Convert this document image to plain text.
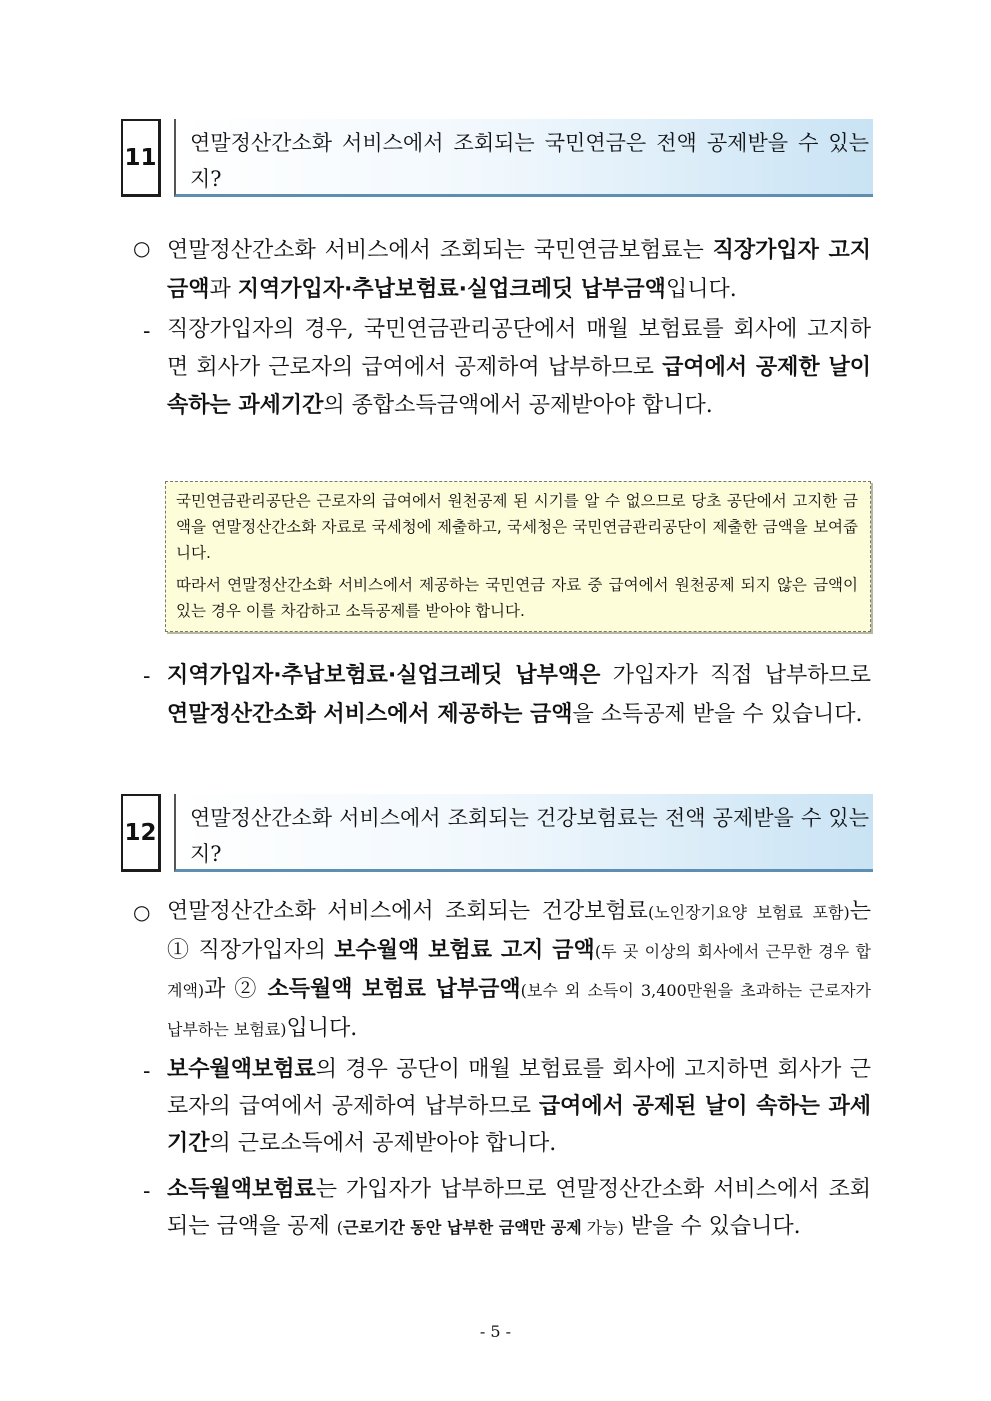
11
연말정산간소화 서비스에서 조회되는 국민연금은 전액 공제받을 수 있는지?
○ 연말정산간소화 서비스에서 조회되는 국민연금보험료는 직장가입자 고지금액과 지역가입자·추납보험료·실업크레딧 납부금액입니다.
- 직장가입자의 경우, 국민연금관리공단에서 매월 보험료를 회사에 고지하면 회사가 근로자의 급여에서 공제하여 납부하므로 급여에서 공제한 날이 속하는 과세기간의 종합소득금액에서 공제받아야 합니다.

국민연금관리공단은 근로자의 급여에서 원천공제 된 시기를 알 수 없으므로 당초 공단에서 고지한 금액을 연말정산간소화 자료로 국세청에 제출하고, 국세청은 국민연금관리공단이 제출한 금액을 보여줍니다.

따라서 연말정산간소화 서비스에서 제공하는 국민연금 자료 중 급여에서 원천공제 되지 않은 금액이 있는 경우 이를 차감하고 소득공제를 받아야 합니다.

- 지역가입자·추납보험료·실업크레딧 납부액은 가입자가 직접 납부하므로 연말정산간소화 서비스에서 제공하는 금액을 소득공제 받을 수 있습니다.
12
연말정산간소화 서비스에서 조회되는 건강보험료는 전액 공제받을 수 있는지?
○ 연말정산간소화 서비스에서 조회되는 건강보험료(노인장기요양 보험료 포함)는 ① 직장가입자의 보수월액 보험료 고지 금액(두 곳 이상의 회사에서 근무한 경우 합계액)과 ② 소득월액 보험료 납부금액(보수 외 소득이 3,400만원을 초과하는 근로자가 납부하는 보험료)입니다.
- 보수월액보험료의 경우 공단이 매월 보험료를 회사에 고지하면 회사가 근로자의 급여에서 공제하여 납부하므로 급여에서 공제된 날이 속하는 과세기간의 근로소득에서 공제받아야 합니다.
- 소득월액보험료는 가입자가 납부하므로 연말정산간소화 서비스에서 조회되는 금액을 공제 (근로기간 동안 납부한 금액만 공제 가능) 받을 수 있습니다.
- 5 -
